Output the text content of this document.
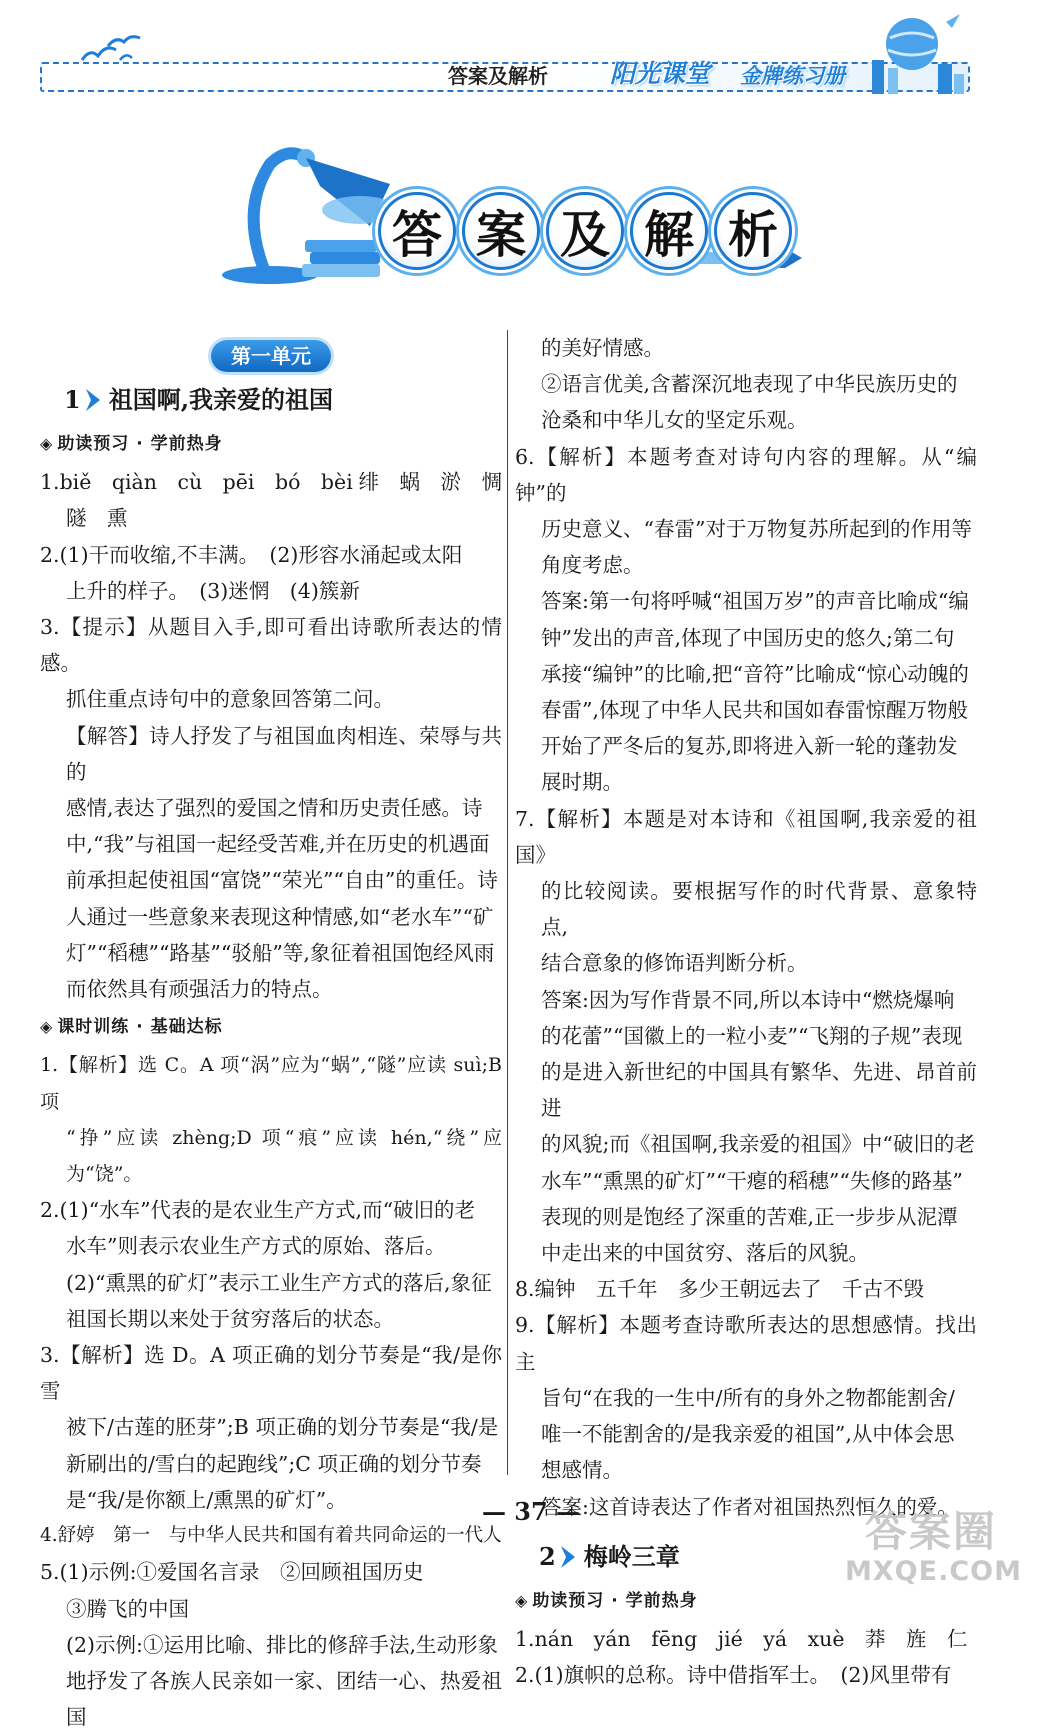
答案及解析 阳光课堂 金牌练习册
答 案 及 解 析
第一单元
1 祖国啊,我亲爱的祖国
◈ 助读预习 · 学前热身

1.biě　qiàn　cù　pēi　bó　bèi 绯　蜗　淤　惆

隧　熏

2.(1)干而收缩,不丰满。　(2)形容水涌起或太阳

上升的样子。　(3)迷惘　(4)簇新

3.【提示】从题目入手,即可看出诗歌所表达的情感。

抓住重点诗句中的意象回答第二问。

【解答】诗人抒发了与祖国血肉相连、荣辱与共的

感情,表达了强烈的爱国之情和历史责任感。诗

中,“我”与祖国一起经受苦难,并在历史的机遇面

前承担起使祖国“富饶”“荣光”“自由”的重任。诗

人通过一些意象来表现这种情感,如“老水车”“矿

灯”“稻穗”“路基”“驳船”等,象征着祖国饱经风雨

而依然具有顽强活力的特点。

◈ 课时训练 · 基础达标

1.【解析】选 C。A 项“涡”应为“蜗”,“隧”应读 suì;B 项

“挣”应读 zhèng;D 项“痕”应读 hén,“绕”应为“饶”。

2.(1)“水车”代表的是农业生产方式,而“破旧的老

水车”则表示农业生产方式的原始、落后。

(2)“熏黑的矿灯”表示工业生产方式的落后,象征

祖国长期以来处于贫穷落后的状态。

3.【解析】选 D。A 项正确的划分节奏是“我/是你雪

被下/古莲的胚芽”;B 项正确的划分节奏是“我/是

新刷出的/雪白的起跑线”;C 项正确的划分节奏

是“我/是你额上/熏黑的矿灯”。

4.舒婷　第一　与中华人民共和国有着共同命运的一代人

5.(1)示例:①爱国名言录　②回顾祖国历史

③腾飞的中国

(2)示例:①运用比喻、排比的修辞手法,生动形象

地抒发了各族人民亲如一家、团结一心、热爱祖国

的美好情感。

②语言优美,含蓄深沉地表现了中华民族历史的

沧桑和中华儿女的坚定乐观。

6.【解析】本题考查对诗句内容的理解。从“编钟”的

历史意义、“春雷”对于万物复苏所起到的作用等

角度考虑。

答案:第一句将呼喊“祖国万岁”的声音比喻成“编

钟”发出的声音,体现了中国历史的悠久;第二句

承接“编钟”的比喻,把“音符”比喻成“惊心动魄的

春雷”,体现了中华人民共和国如春雷惊醒万物般

开始了严冬后的复苏,即将进入新一轮的蓬勃发

展时期。

7.【解析】本题是对本诗和《祖国啊,我亲爱的祖国》

的比较阅读。要根据写作的时代背景、意象特点,

结合意象的修饰语判断分析。

答案:因为写作背景不同,所以本诗中“燃烧爆响

的花蕾”“国徽上的一粒小麦”“飞翔的子规”表现

的是进入新世纪的中国具有繁华、先进、昂首前进

的风貌;而《祖国啊,我亲爱的祖国》中“破旧的老

水车”“熏黑的矿灯”“干瘪的稻穗”“失修的路基”

表现的则是饱经了深重的苦难,正一步步从泥潭

中走出来的中国贫穷、落后的风貌。

8.编钟　五千年　多少王朝远去了　千古不毁

9.【解析】本题考查诗歌所表达的思想感情。找出主

旨句“在我的一生中/所有的身外之物都能割舍/

唯一不能割舍的/是我亲爱的祖国”,从中体会思

想感情。

答案:这首诗表达了作者对祖国热烈恒久的爱。

2 梅岭三章
◈ 助读预习 · 学前热身

1.nán　yán　fēng　jié　yá　xuè　莽　旌　仁

2.(1)旗帜的总称。诗中借指军士。　(2)风里带有

— 37 —	答案圈
MXQE.COM
